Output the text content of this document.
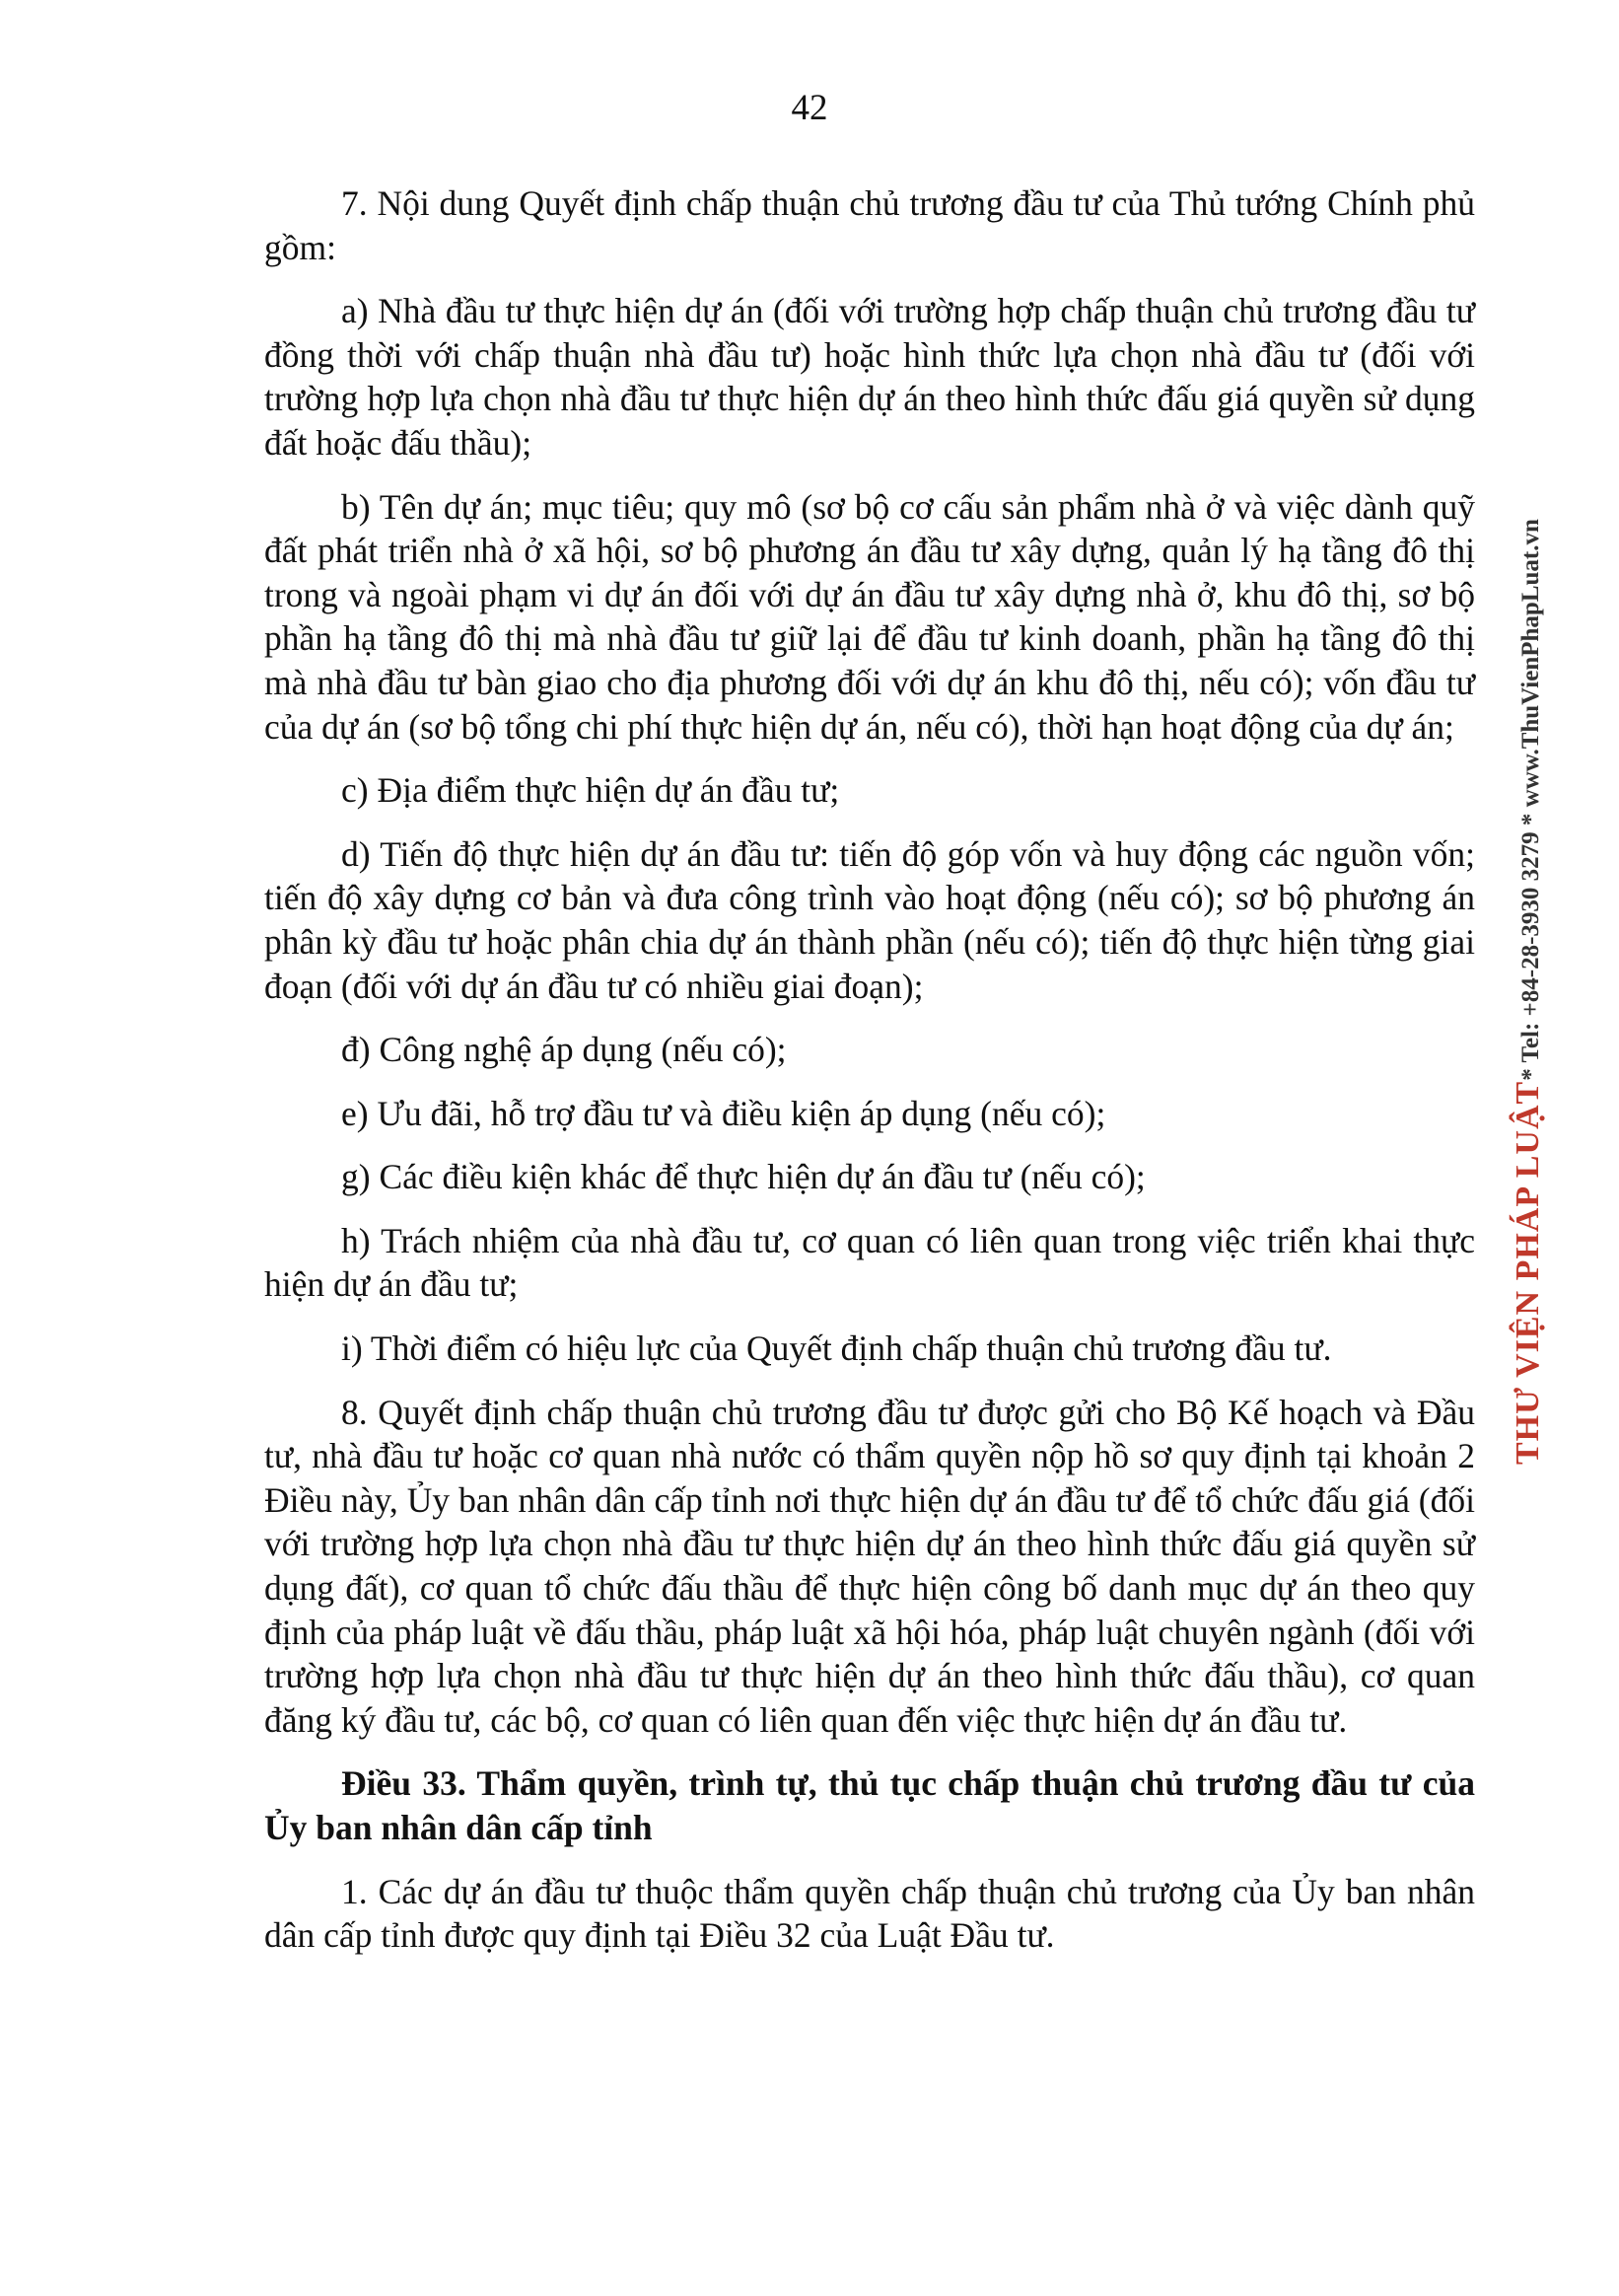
42

7. Nội dung Quyết định chấp thuận chủ trương đầu tư của Thủ tướng Chính phủ gồm:

a) Nhà đầu tư thực hiện dự án (đối với trường hợp chấp thuận chủ trương đầu tư đồng thời với chấp thuận nhà đầu tư) hoặc hình thức lựa chọn nhà đầu tư (đối với trường hợp lựa chọn nhà đầu tư thực hiện dự án theo hình thức đấu giá quyền sử dụng đất hoặc đấu thầu);

b) Tên dự án; mục tiêu; quy mô (sơ bộ cơ cấu sản phẩm nhà ở và việc dành quỹ đất phát triển nhà ở xã hội, sơ bộ phương án đầu tư xây dựng, quản lý hạ tầng đô thị trong và ngoài phạm vi dự án đối với dự án đầu tư xây dựng nhà ở, khu đô thị, sơ bộ phần hạ tầng đô thị mà nhà đầu tư giữ lại để đầu tư kinh doanh, phần hạ tầng đô thị mà nhà đầu tư bàn giao cho địa phương đối với dự án khu đô thị, nếu có); vốn đầu tư của dự án (sơ bộ tổng chi phí thực hiện dự án, nếu có), thời hạn hoạt động của dự án;

c) Địa điểm thực hiện dự án đầu tư;

d) Tiến độ thực hiện dự án đầu tư: tiến độ góp vốn và huy động các nguồn vốn; tiến độ xây dựng cơ bản và đưa công trình vào hoạt động (nếu có); sơ bộ phương án phân kỳ đầu tư hoặc phân chia dự án thành phần (nếu có); tiến độ thực hiện từng giai đoạn (đối với dự án đầu tư có nhiều giai đoạn);

đ) Công nghệ áp dụng (nếu có);

e) Ưu đãi, hỗ trợ đầu tư và điều kiện áp dụng (nếu có);

g) Các điều kiện khác để thực hiện dự án đầu tư (nếu có);

h) Trách nhiệm của nhà đầu tư, cơ quan có liên quan trong việc triển khai thực hiện dự án đầu tư;

i) Thời điểm có hiệu lực của Quyết định chấp thuận chủ trương đầu tư.

8. Quyết định chấp thuận chủ trương đầu tư được gửi cho Bộ Kế hoạch và Đầu tư, nhà đầu tư hoặc cơ quan nhà nước có thẩm quyền nộp hồ sơ quy định tại khoản 2 Điều này, Ủy ban nhân dân cấp tỉnh nơi thực hiện dự án đầu tư để tổ chức đấu giá (đối với trường hợp lựa chọn nhà đầu tư thực hiện dự án theo hình thức đấu giá quyền sử dụng đất), cơ quan tổ chức đấu thầu để thực hiện công bố danh mục dự án theo quy định của pháp luật về đấu thầu, pháp luật xã hội hóa, pháp luật chuyên ngành (đối với trường hợp lựa chọn nhà đầu tư thực hiện dự án theo hình thức đấu thầu), cơ quan đăng ký đầu tư, các bộ, cơ quan có liên quan đến việc thực hiện dự án đầu tư.

Điều 33. Thẩm quyền, trình tự, thủ tục chấp thuận chủ trương đầu tư của Ủy ban nhân dân cấp tỉnh

1. Các dự án đầu tư thuộc thẩm quyền chấp thuận chủ trương của Ủy ban nhân dân cấp tỉnh được quy định tại Điều 32 của Luật Đầu tư.

THƯ VIỆN PHÁP LUẬT* Tel: +84-28-3930 3279 * www.ThuVienPhapLuat.vn
